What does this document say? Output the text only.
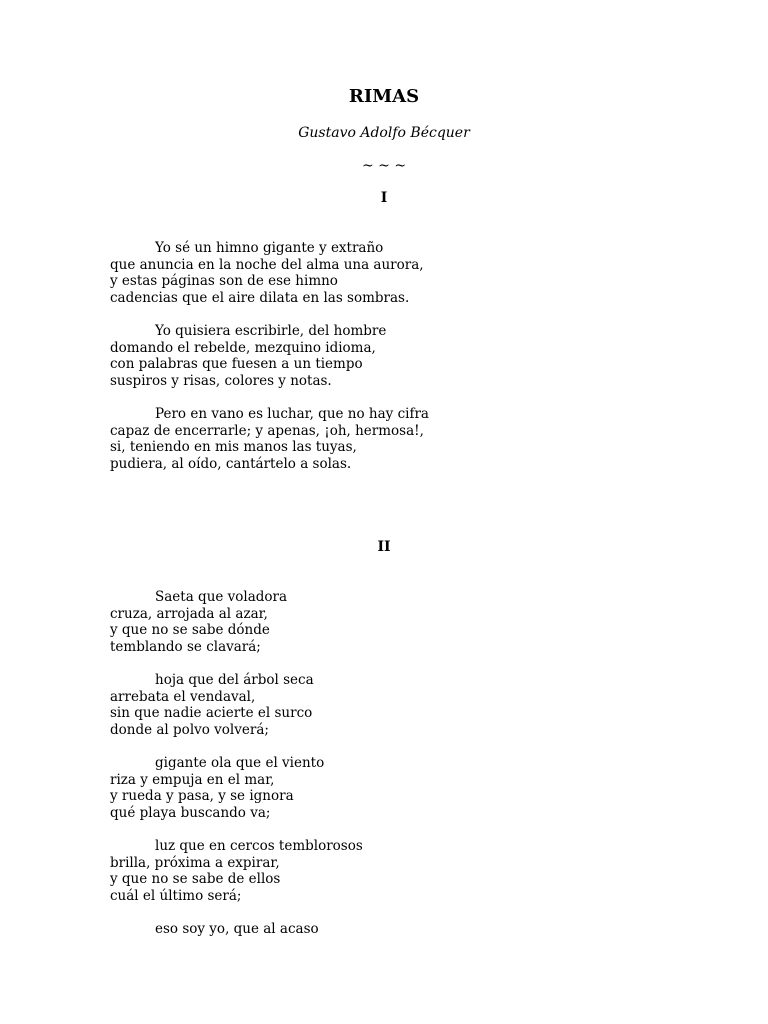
RIMAS
Gustavo Adolfo Bécquer
~ ~ ~
I
Yo sé un himno gigante y extraño
que anuncia en la noche del alma una aurora,
y estas páginas son de ese himno
cadencias que el aire dilata en las sombras.
Yo quisiera escribirle, del hombre
domando el rebelde, mezquino idioma,
con palabras que fuesen a un tiempo
suspiros y risas, colores y notas.
Pero en vano es luchar, que no hay cifra
capaz de encerrarle; y apenas, ¡oh, hermosa!,
si, teniendo en mis manos las tuyas,
pudiera, al oído, cantártelo a solas.
II
Saeta que voladora
cruza, arrojada al azar,
y que no se sabe dónde
temblando se clavará;
hoja que del árbol seca
arrebata el vendaval,
sin que nadie acierte el surco
donde al polvo volverá;
gigante ola que el viento
riza y empuja en el mar,
y rueda y pasa, y se ignora
qué playa buscando va;
luz que en cercos temblorosos
brilla, próxima a expirar,
y que no se sabe de ellos
cuál el último será;
eso soy yo, que al acaso
